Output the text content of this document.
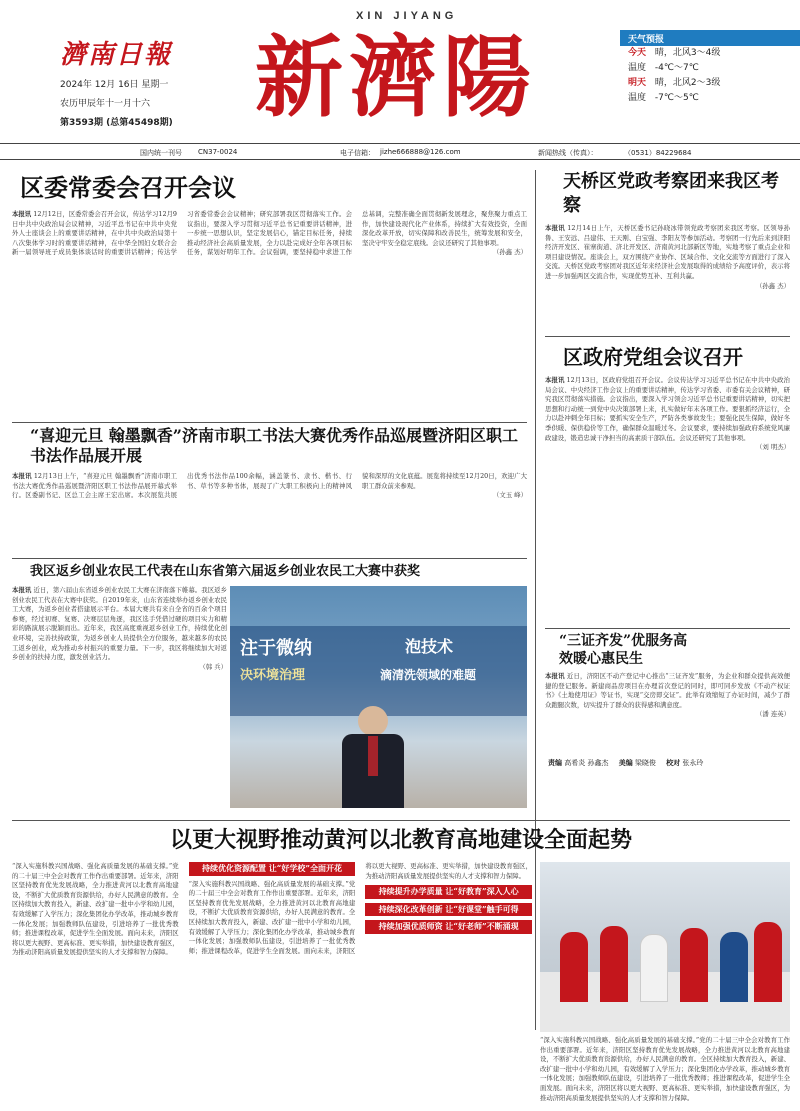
濟南日報
2024年 12月 16日 星期一
农历甲辰年十一月十六
第3593期 (总第45498期)
XIN JIYANG
新濟陽	天气预报
今天 晴，北风3～4级
温度 -4℃～7℃
明天 晴，北风2～3级
温度 -7℃～5℃
国内统一刊号 CN37-0024	电子信箱： jizhe666888@126.com	新闻热线（传真）：	（0531）84229684
区委常委会召开会议
本报讯 12月12日，区委常委会召开会议，传达学习12月9日中共中央政治局会议精神，习近平总书记在中共中央党外人士座谈会上的重要讲话精神，在中共中央政治局第十八次集体学习时的重要讲话精神，在中华全国妇女联合会新一届领导班子成员集体谈话时的重要讲话精神；传达学习省委常委会会议精神；研究部署我区贯彻落实工作。会议指出，要深入学习贯彻习近平总书记重要讲话精神，进一步统一思想认识，坚定发展信心，锚定目标任务，持续推动经济社会高质量发展，全力以赴完成好全年各项目标任务，谋划好明年工作。会议强调，要坚持稳中求进工作总基调，完整准确全面贯彻新发展理念，聚焦聚力重点工作，加快建设现代化产业体系，持续扩大有效投资，全面深化改革开放，切实保障和改善民生，统筹发展和安全，坚决守牢安全稳定底线。会议还研究了其他事项。
（孙鑫 杰）
天桥区党政考察团来我区考察
本报讯 12月14日上午，天桥区委书记孙晓冰带领党政考察团来我区考察。区领导孙鲁、王安远、吕建伟、王天刚、白宝强、李阳友等参加活动。考察团一行先后来到济阳经济开发区、崔寨街道、济北开发区、济南黄河北部新区等地，实地考察了重点企业和项目建设情况。座谈会上，双方围绕产业协作、区域合作、文化交流等方面进行了深入交流。天桥区党政考察团对我区近年来经济社会发展取得的成绩给予高度评价，表示将进一步加强两区交流合作，实现优势互补、互利共赢。
（孙鑫 杰）
区政府党组会议召开
本报讯 12月13日，区政府党组召开会议。会议传达学习习近平总书记在中共中央政治局会议、中央经济工作会议上的重要讲话精神，传达学习省委、市委有关会议精神，研究我区贯彻落实措施。会议指出，要深入学习领会习近平总书记重要讲话精神，切实把思想和行动统一到党中央决策部署上来，扎实做好年末各项工作。要狠抓经济运行，全力以赴冲刺全年目标；要抓实安全生产，严防各类事故发生；要强化民生保障，做好冬季供暖、保供稳价等工作，确保群众温暖过冬。会议要求，要持续加强政府系统党风廉政建设，锻造忠诚干净担当的高素质干部队伍。会议还研究了其他事项。
（刘 明杰）
“三证齐发”优服务高效暖心惠民生
本报讯 近日，济阳区不动产登记中心推出“三证齐发”服务，为企业和群众提供高效便捷的登记服务。新建商品房项目在办理首次登记的同时，即可同步发放《不动产权证书》《土地使用证》等证书，实现“交房即交证”。此举有效缩短了办证时间，减少了群众跑腿次数，切实提升了群众的获得感和满意度。
（潘 连英）
责编 高希炎 孙鑫杰 美编 梁晓俊 校对 张永玲
“喜迎元旦 翰墨飘香”济南市职工书法大赛优秀作品巡展暨济阳区职工书法作品展开展
本报讯 12月13日上午，“喜迎元旦 翰墨飘香”济南市职工书法大赛优秀作品巡展暨济阳区职工书法作品展开幕式举行。区委副书记、区总工会主席王宏出席。本次展览共展出优秀书法作品100余幅，涵盖篆书、隶书、楷书、行书、草书等多种书体，展现了广大职工积极向上的精神风貌和深厚的文化底蕴。展览将持续至12月20日，欢迎广大职工群众前来参观。
（文玉 峰）
我区返乡创业农民工代表在山东省第六届返乡创业农民工大赛中获奖
本报讯 近日，第六届山东省返乡创业农民工大赛在济南落下帷幕。我区返乡创业农民工代表在大赛中获奖。自2019年来，山东省连续举办返乡创业农民工大赛，为返乡创业者搭建展示平台。本届大赛共有来自全省的百余个项目参赛，经过初赛、复赛、决赛层层角逐，我区选手凭借过硬的项目实力和精彩的路演展示脱颖而出。近年来，我区高度重视返乡创业工作，持续优化创业环境，完善扶持政策，为返乡创业人员提供全方位服务，越来越多的农民工返乡创业，成为推动乡村振兴的重要力量。下一步，我区将继续加大对返乡创业的扶持力度，激发创业活力。
（韩 兵）
注于微纳	泡技术
决环境治理	滴清洗领域的难题
以更大视野推动黄河以北教育高地建设全面起势
“深入实施科教兴国战略、强化高质量发展的基础支撑。”党的二十届三中全会对教育工作作出重要部署。近年来，济阳区坚持教育优先发展战略，全力推进黄河以北教育高地建设，不断扩大优质教育资源供给，办好人民满意的教育。全区持续加大教育投入，新建、改扩建一批中小学和幼儿园，有效缓解了入学压力；深化集团化办学改革，推动城乡教育一体化发展；加强教师队伍建设，引进培养了一批优秀教师；推进课程改革，促进学生全面发展。面向未来，济阳区将以更大视野、更高标准、更实举措，加快建设教育强区，为推动济阳高质量发展提供坚实的人才支撑和智力保障。
持续优化资源配置 让“好学校”全面开花
“深入实施科教兴国战略、强化高质量发展的基础支撑。”党的二十届三中全会对教育工作作出重要部署。近年来，济阳区坚持教育优先发展战略，全力推进黄河以北教育高地建设，不断扩大优质教育资源供给，办好人民满意的教育。全区持续加大教育投入，新建、改扩建一批中小学和幼儿园，有效缓解了入学压力；深化集团化办学改革，推动城乡教育一体化发展；加强教师队伍建设，引进培养了一批优秀教师；推进课程改革，促进学生全面发展。面向未来，济阳区将以更大视野、更高标准、更实举措，加快建设教育强区，为推动济阳高质量发展提供坚实的人才支撑和智力保障。
持续提升办学质量 让“好教育”深入人心
持续深化改革创新 让“好课堂”触手可得
持续加强优质师资 让“好老师”不断涌现
“深入实施科教兴国战略、强化高质量发展的基础支撑。”党的二十届三中全会对教育工作作出重要部署。近年来，济阳区坚持教育优先发展战略，全力推进黄河以北教育高地建设，不断扩大优质教育资源供给，办好人民满意的教育。全区持续加大教育投入，新建、改扩建一批中小学和幼儿园，有效缓解了入学压力；深化集团化办学改革，推动城乡教育一体化发展；加强教师队伍建设，引进培养了一批优秀教师；推进课程改革，促进学生全面发展。面向未来，济阳区将以更大视野、更高标准、更实举措，加快建设教育强区，为推动济阳高质量发展提供坚实的人才支撑和智力保障。
